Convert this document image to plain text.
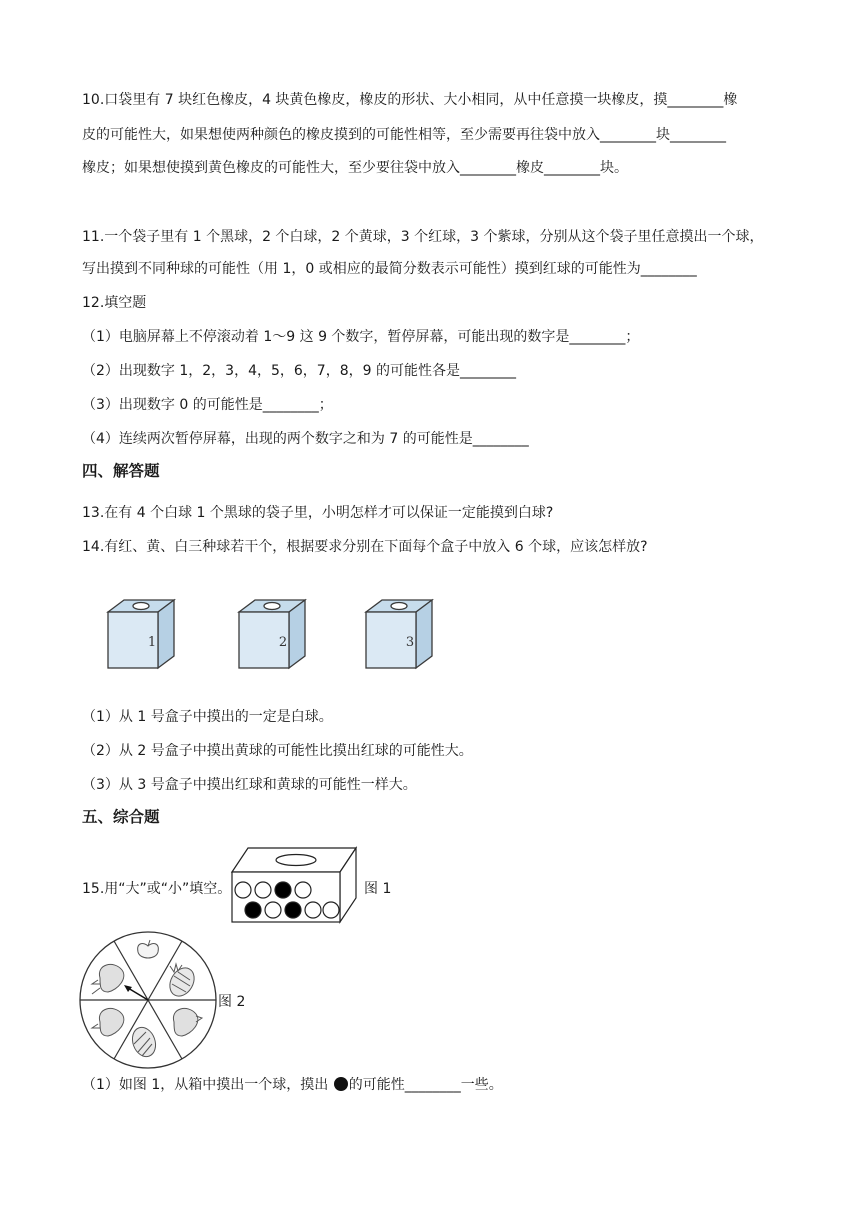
10.口袋里有 7 块红色橡皮，4 块黄色橡皮，橡皮的形状、大小相同，从中任意摸一块橡皮，摸________橡
皮的可能性大，如果想使两种颜色的橡皮摸到的可能性相等，至少需要再往袋中放入________块________
橡皮；如果想使摸到黄色橡皮的可能性大，至少要往袋中放入________橡皮________块。
11.一个袋子里有 1 个黑球，2 个白球，2 个黄球，3 个红球，3 个紫球，分别从这个袋子里任意摸出一个球，
写出摸到不同种球的可能性（用 1，0 或相应的最简分数表示可能性）摸到红球的可能性为________
12.填空题
（1）电脑屏幕上不停滚动着 1～9 这 9 个数字，暂停屏幕，可能出现的数字是________；
（2）出现数字 1，2，3，4，5，6，7，8，9 的可能性各是________
（3）出现数字 0 的可能性是________；
（4）连续两次暂停屏幕，出现的两个数字之和为 7 的可能性是________
四、解答题
13.在有 4 个白球 1 个黑球的袋子里，小明怎样才可以保证一定能摸到白球?
14.有红、黄、白三种球若干个，根据要求分别在下面每个盒子中放入 6 个球，应该怎样放?
1	2	3
（1）从 1 号盒子中摸出的一定是白球。
（2）从 2 号盒子中摸出黄球的可能性比摸出红球的可能性大。
（3）从 3 号盒子中摸出红球和黄球的可能性一样大。
五、综合题
15.用“大”或“小”填空。	图 1
图 2
（1）如图 1，从箱中摸出一个球，摸出 的可能性________一些。
